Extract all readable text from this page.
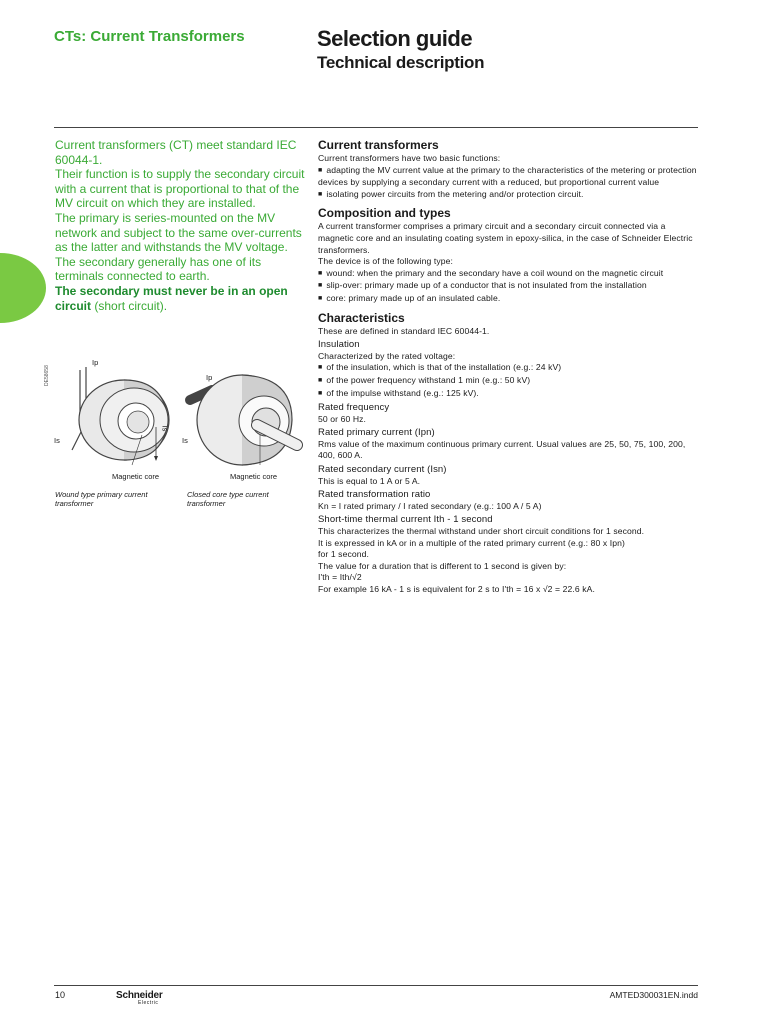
CTs: Current Transformers	Selection guide
Technical description

Current transformers (CT) meet standard IEC 60044-1.

Their function is to supply the secondary circuit with a current that is proportional to that of the MV circuit on which they are installed.

The primary is series-mounted on the MV network and subject to the same over-currents as the latter and withstands the MV voltage.

The secondary generally has one of its terminals connected to earth.

The secondary must never be in an open circuit (short circuit).

DE58658
Ip
Is
Is
Magnetic core
Wound type primary current transformer
Ip
Is
Magnetic core
Closed core type current transformer
Current transformers
Current transformers have two basic functions:
■ adapting the MV current value at the primary to the characteristics of the metering or protection devices by supplying a secondary current with a reduced, but proportional current value
■ isolating power circuits from the metering and/or protection circuit.
Composition and types
A current transformer comprises a primary circuit and a secondary circuit connected via a magnetic core and an insulating coating system in epoxy-silica, in the case of Schneider Electric transformers.
The device is of the following type:
■ wound: when the primary and the secondary have a coil wound on the magnetic circuit
■ slip-over: primary made up of a conductor that is not insulated from the installation
■ core: primary made up of an insulated cable.
Characteristics
These are defined in standard IEC 60044-1.
Insulation
Characterized by the rated voltage:
■ of the insulation, which is that of the installation (e.g.: 24 kV)
■ of the power frequency withstand 1 min (e.g.: 50 kV)
■ of the impulse withstand (e.g.: 125 kV).
Rated frequency
50 or 60 Hz.
Rated primary current (Ipn)
Rms value of the maximum continuous primary current. Usual values are 25, 50, 75, 100, 200, 400, 600 A.
Rated secondary current (Isn)
This is equal to 1 A or 5 A.
Rated transformation ratio
Kn = I rated primary / I rated secondary (e.g.: 100 A / 5 A)
Short-time thermal current Ith - 1 second
This characterizes the thermal withstand under short circuit conditions for 1 second.
It is expressed in kA or in a multiple of the rated primary current (e.g.: 80 x Ipn)
for 1 second.
The value for a duration that is different to 1 second is given by:
I'th = Ith/√2
For example 16 kA - 1 s is equivalent for 2 s to I'th = 16 x √2 = 22.6 kA.
10	Schneider
Electric
AMTED300031EN.indd
